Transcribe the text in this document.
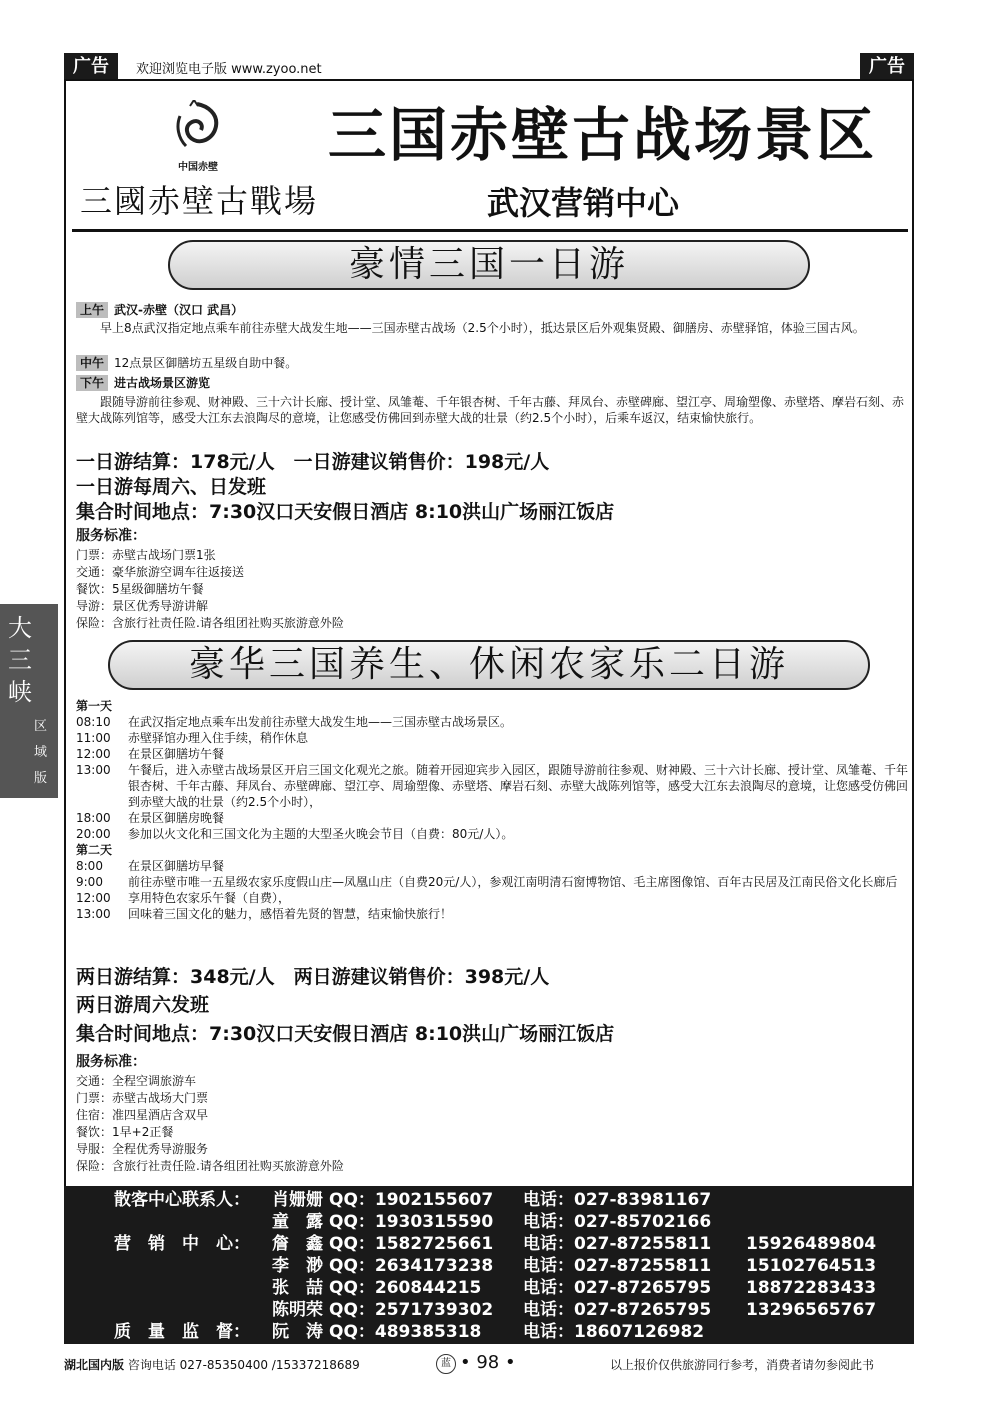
广告	欢迎浏览电子版 www.zyoo.net	广告
中国赤壁
三國赤壁古戰場
三国赤壁古战场景区
武汉营销中心
大三峡
区域版
豪情三国一日游
上午 武汉-赤壁（汉口 武昌）
早上8点武汉指定地点乘车前往赤壁大战发生地——三国赤壁古战场（2.5个小时），抵达景区后外观集贤殿、御膳房、赤壁驿馆，体验三国古风。
中午 12点景区御膳坊五星级自助中餐。
下午 进古战场景区游览
跟随导游前往参观、财神殿、三十六计长廊、授计堂、凤雏菴、千年银杏树、千年古藤、拜凤台、赤壁碑廊、望江亭、周瑜塑像、赤壁塔、摩岩石刻、赤壁大战陈列馆等，感受大江东去浪陶尽的意境，让您感受仿佛回到赤壁大战的壮景（约2.5个小时），后乘车返汉，结束愉快旅行。
一日游结算：178元/人　一日游建议销售价：198元/人
一日游每周六、日发班
集合时间地点：7:30汉口天安假日酒店 8:10洪山广场丽江饭店
服务标准：
门票：赤壁古战场门票1张
交通：豪华旅游空调车往返接送
餐饮：5星级御膳坊午餐
导游：景区优秀导游讲解
保险：含旅行社责任险.请各组团社购买旅游意外险
豪华三国养生、休闲农家乐二日游
第一天
08:10	在武汉指定地点乘车出发前往赤壁大战发生地——三国赤壁古战场景区。
11:00	赤壁驿馆办理入住手续，稍作休息
12:00	在景区御膳坊午餐
13:00	午餐后，进入赤壁古战场景区开启三国文化观光之旅。随着开园迎宾步入园区，跟随导游前往参观、财神殿、三十六计长廊、授计堂、凤雏菴、千年银杏树、千年古藤、拜凤台、赤壁碑廊、望江亭、周瑜塑像、赤壁塔、摩岩石刻、赤壁大战陈列馆等，感受大江东去浪陶尽的意境，让您感受仿佛回到赤壁大战的壮景（约2.5个小时），
18:00	在景区御膳房晚餐
20:00	参加以火文化和三国文化为主题的大型圣火晚会节目（自费：80元/人）。
第二天
8:00	在景区御膳坊早餐
9:00	前往赤壁市唯一五星级农家乐度假山庄—凤凰山庄（自费20元/人），参观江南明清石窗博物馆、毛主席图像馆、百年古民居及江南民俗文化长廊后
12:00	享用特色农家乐午餐（自费），
13:00	回味着三国文化的魅力，感悟着先贤的智慧，结束愉快旅行！
两日游结算：348元/人　两日游建议销售价：398元/人
两日游周六发班
集合时间地点：7:30汉口天安假日酒店 8:10洪山广场丽江饭店
服务标准：
交通：全程空调旅游车
门票：赤壁古战场大门票
住宿：准四星酒店含双早
餐饮：1早+2正餐
导服：全程优秀导游服务
保险：含旅行社责任险.请各组团社购买旅游意外险
散客中心联系人： 肖姗姗 QQ：1902155607 电话：027-83981167
童　露 QQ：1930315590 电话：027-85702166
营　销　中　心： 詹　鑫 QQ：1582725661 电话：027-87255811 15926489804
李　渺 QQ：2634173238 电话：027-87255811 15102764513
张　喆 QQ：260844215 电话：027-87265795 18872283433
陈明荣 QQ：2571739302 电话：027-87265795 13296565767
质　量　监　督： 阮　涛 QQ：489385318 电话：18607126982
湖北国内版 咨询电话 027-85350400 /15337218689	蓝 • 98 •	以上报价仅供旅游同行参考，消费者请勿参阅此书
